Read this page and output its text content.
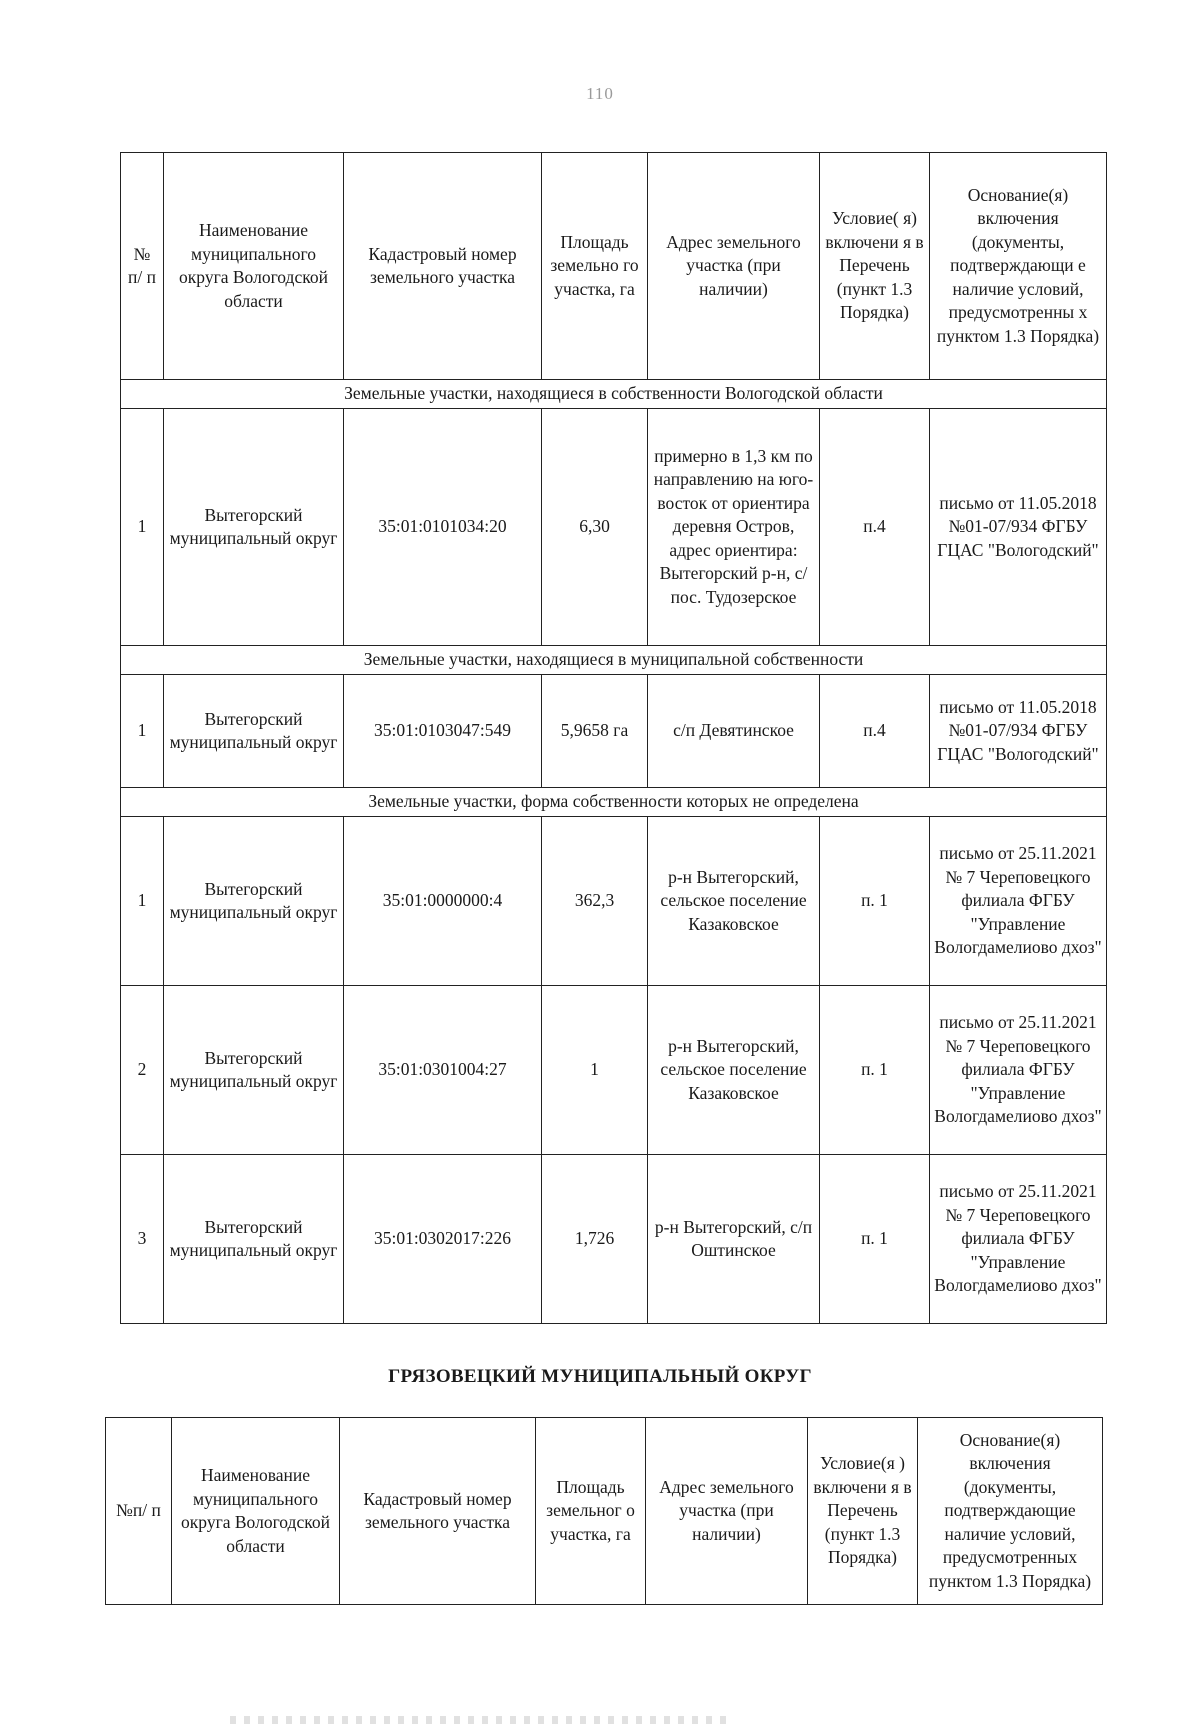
110
№ п/ п	Наименование муниципального округа Вологодской области	Кадастровый номер земельного участка	Площадь земельно го участка, га	Адрес земельного участка (при наличии)	Условие( я) включени я в Перечень (пункт 1.3 Порядка)	Основание(я) включения (документы, подтверждающи е наличие условий, предусмотренны х пунктом 1.3 Порядка)
Земельные участки, находящиеся в собственности Вологодской области						
1	Вытегорский муниципальный округ	35:01:0101034:20	6,30	примерно в 1,3 км по направлению на юго-восток от ориентира деревня Остров, адрес ориентира: Вытегорский р-н, с/пос. Тудозерское	п.4	письмо от 11.05.2018 №01-07/934 ФГБУ ГЦАС "Вологодский"
Земельные участки, находящиеся в муниципальной собственности						
1	Вытегорский муниципальный округ	35:01:0103047:549	5,9658 га	с/п Девятинское	п.4	письмо от 11.05.2018 №01-07/934 ФГБУ ГЦАС "Вологодский"
Земельные участки, форма собственности которых не определена						
1	Вытегорский муниципальный округ	35:01:0000000:4	362,3	р-н Вытегорский, сельское поселение Казаковское	п. 1	письмо от 25.11.2021 № 7 Череповецкого филиала ФГБУ "Управление Вологдамелиово дхоз"
2	Вытегорский муниципальный округ	35:01:0301004:27	1	р-н Вытегорский, сельское поселение Казаковское	п. 1	письмо от 25.11.2021 № 7 Череповецкого филиала ФГБУ "Управление Вологдамелиово дхоз"
3	Вытегорский муниципальный округ	35:01:0302017:226	1,726	р-н Вытегорский, с/п Оштинское	п. 1	письмо от 25.11.2021 № 7 Череповецкого филиала ФГБУ "Управление Вологдамелиово дхоз"
ГРЯЗОВЕЦКИЙ МУНИЦИПАЛЬНЫЙ ОКРУГ
№п/ п	Наименование муниципального округа Вологодской области	Кадастровый номер земельного участка	Площадь земельног о участка, га	Адрес земельного участка (при наличии)	Условие(я ) включени я в Перечень (пункт 1.3 Порядка)	Основание(я) включения (документы, подтверждающие наличие условий, предусмотренных пунктом 1.3 Порядка)
